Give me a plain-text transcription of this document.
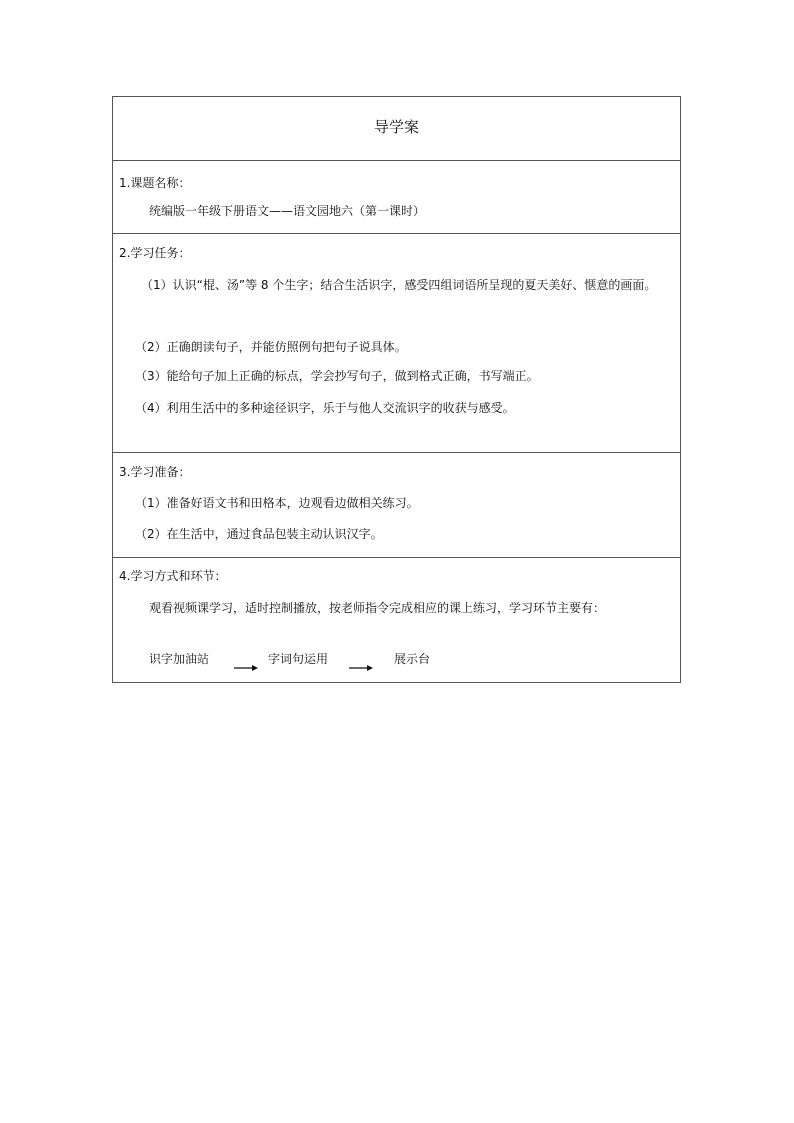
导学案
1.课题名称：
统编版一年级下册语文——语文园地六（第一课时）
2.学习任务：
（1）认识“棍、汤”等 8 个生字；结合生活识字，感受四组词语所呈现的夏天美好、惬意的画面。
（2）正确朗读句子，并能仿照例句把句子说具体。
（3）能给句子加上正确的标点，学会抄写句子，做到格式正确，书写端正。
（4）利用生活中的多种途径识字，乐于与他人交流识字的收获与感受。
3.学习准备：
（1）准备好语文书和田格本，边观看边做相关练习。
（2）在生活中，通过食品包装主动认识汉字。
4.学习方式和环节：
观看视频课学习，适时控制播放，按老师指令完成相应的课上练习，学习环节主要有：
识字加油站	字词句运用	展示台
